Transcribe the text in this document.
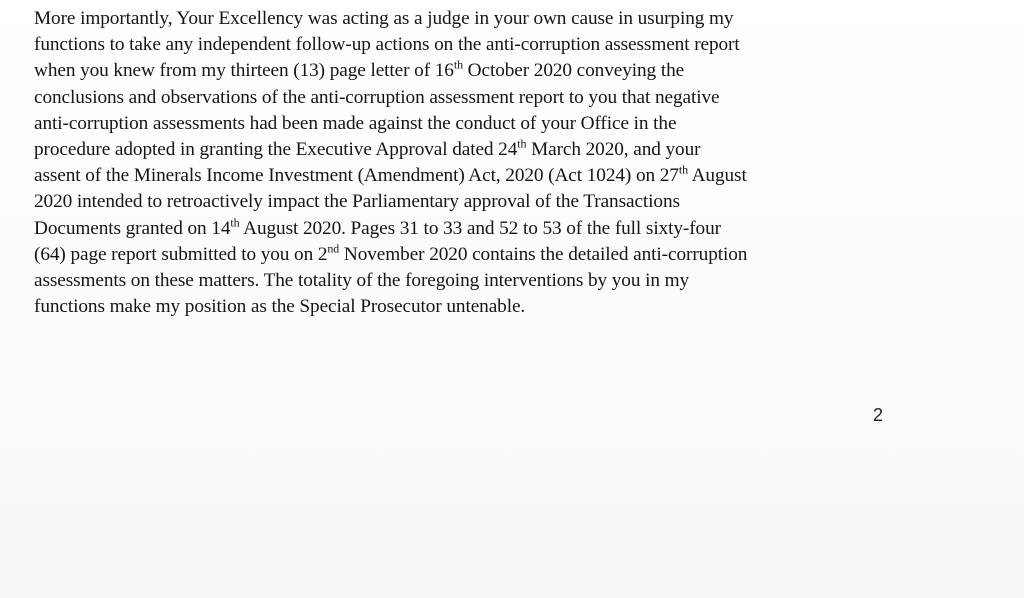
More importantly, Your Excellency was acting as a judge in your own cause in usurping my
functions to take any independent follow-up actions on the anti-corruption assessment report
when you knew from my thirteen (13) page letter of 16th October 2020 conveying the
conclusions and observations of the anti-corruption assessment report to you that negative
anti-corruption assessments had been made against the conduct of your Office in the
procedure adopted in granting the Executive Approval dated 24th March 2020, and your
assent of the Minerals Income Investment (Amendment) Act, 2020 (Act 1024) on 27th August
2020 intended to retroactively impact the Parliamentary approval of the Transactions
Documents granted on 14th August 2020. Pages 31 to 33 and 52 to 53 of the full sixty-four
(64) page report submitted to you on 2nd November 2020 contains the detailed anti-corruption
assessments on these matters. The totality of the foregoing interventions by you in my
functions make my position as the Special Prosecutor untenable.

2
